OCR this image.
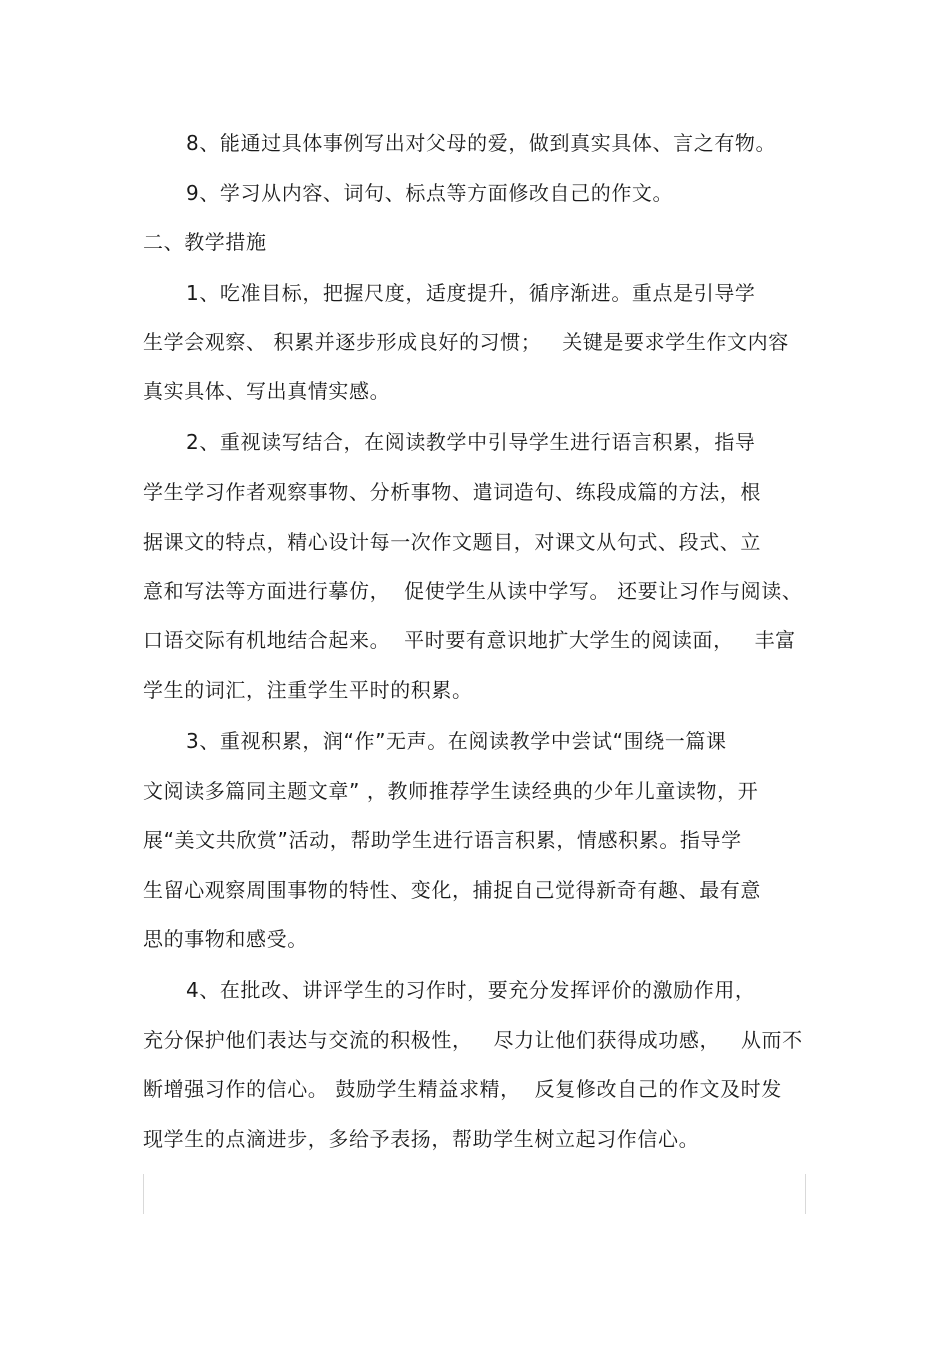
8、能通过具体事例写出对父母的爱，做到真实具体、言之有物。
9、学习从内容、词句、标点等方面修改自己的作文。
二、教学措施
1、吃准目标，把握尺度，适度提升，循序渐进。重点是引导学
生学会观察、 积累并逐步形成良好的习惯；   关键是要求学生作文内容
真实具体、写出真情实感。
2、重视读写结合，在阅读教学中引导学生进行语言积累，指导
学生学习作者观察事物、分析事物、遣词造句、练段成篇的方法，根
据课文的特点，精心设计每一次作文题目，对课文从句式、段式、立
意和写法等方面进行摹仿，  促使学生从读中学写。 还要让习作与阅读、
口语交际有机地结合起来。  平时要有意识地扩大学生的阅读面，   丰富
学生的词汇，注重学生平时的积累。
3、重视积累，润“作”无声。在阅读教学中尝试“围绕一篇课
文阅读多篇同主题文章” ，教师推荐学生读经典的少年儿童读物，开
展“美文共欣赏”活动，帮助学生进行语言积累，情感积累。指导学
生留心观察周围事物的特性、变化，捕捉自己觉得新奇有趣、最有意
思的事物和感受。
4、在批改、讲评学生的习作时，要充分发挥评价的激励作用，
充分保护他们表达与交流的积极性，   尽力让他们获得成功感，   从而不
断增强习作的信心。 鼓励学生精益求精，  反复修改自己的作文及时发
现学生的点滴进步，多给予表扬，帮助学生树立起习作信心。
